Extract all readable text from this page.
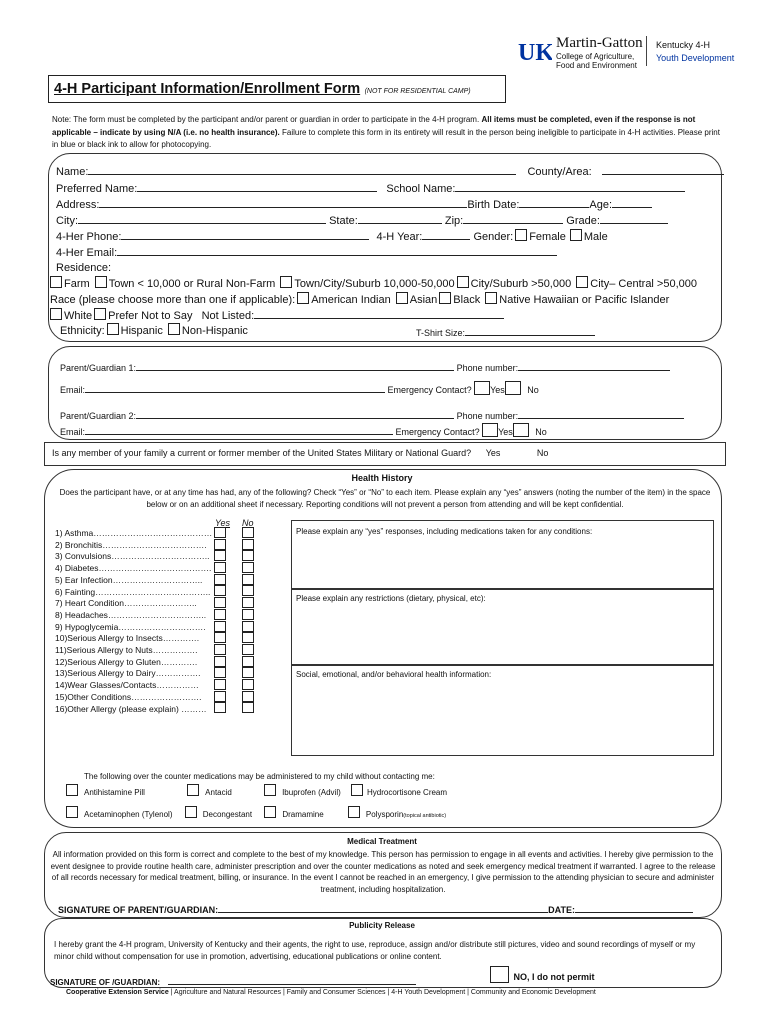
UK Martin-Gatton
College of Agriculture,
Food and Environment
Kentucky 4-H
Youth Development
4-H Participant Information/Enrollment Form (NOT FOR RESIDENTIAL CAMP)
Note: The form must be completed by the participant and/or parent or guardian in order to participate in the 4-H program. All items must be completed, even if the response is not applicable – indicate by using N/A (i.e. no health insurance). Failure to complete this form in its entirety will result in the person being ineligible to participate in 4-H activities. Please print in blue or black ink to allow for photocopying.
Name:	County/Area:
Preferred Name:	School Name:
Address:	Birth Date:	Age:
City:	State:	Zip:	Grade:
4-Her Phone:	4-H Year:	Gender: Female Male
4-Her Email:
Residence:
Farm Town < 10,000 or Rural Non-Farm Town/City/Suburb 10,000-50,000 City/Suburb >50,000 City– Central >50,000
Race (please choose more than one if applicable): American Indian Asian Black Native Hawaiian or Pacific Islander
White Prefer Not to Say Not Listed:
Ethnicity: Hispanic Non-Hispanic	T-Shirt Size:
Parent/Guardian 1:	Phone number:
Email:	Emergency Contact? Yes	No
Parent/Guardian 2:	Phone number:
Email:	Emergency Contact? Yes	No
Is any member of your family a current or former member of the United States Military or National Guard? Yes	No
Health History
Does the participant have, or at any time has had, any of the following? Check “Yes” or “No” to each item. Please explain any “yes” answers (noting the number of the item) in the space below or on an additional sheet if necessary. Reporting conditions will not prevent a person from attending and will be kept confidential.
Yes No
1) Asthma……………………………………
2) Bronchitis……………………………….
3) Convulsions……………………………..
4) Diabetes………………………………….
5) Ear Infection…………………………..
6) Fainting…………………………………..
7) Heart Condition……………………..
8) Headaches……………………………..
9) Hypoglycemia………………………….
10)Serious Allergy to Insects………….
11)Serious Allergy to Nuts…………….
12)Serious Allergy to Gluten………….
13)Serious Allergy to Dairy…………….
14)Wear Glasses/Contacts……………
15)Other Conditions…………………….
16)Other Allergy (please explain) ………
Please explain any “yes” responses, including medications taken for any conditions:
Please explain any restrictions (dietary, physical, etc):
Social, emotional, and/or behavioral health information:
The following over the counter medications may be administered to my child without contacting me:
Antihistamine Pill	Antacid	Ibuprofen (Advil)	Hydrocortisone Cream
Acetaminophen (Tylenol)	Decongestant	Dramamine	Polysporin(topical antibiotic)
Medical Treatment
All information provided on this form is correct and complete to the best of my knowledge. This person has permission to engage in all events and activities. I hereby give permission to the event designee to provide routine health care, administer prescription and over the counter medications as noted and seek emergency medical treatment if warranted. I agree to the release of all records necessary for medical treatment, billing, or insurance. In the event I cannot be reached in an emergency, I give permission to the attending physician to secure and administer treatment, including hospitalization.
SIGNATURE OF PARENT/GUARDIAN:	DATE:
Publicity Release
I hereby grant the 4-H program, University of Kentucky and their agents, the right to use, reproduce, assign and/or distribute still pictures, video and sound recordings of myself or my minor child without compensation for use in promotion, advertising, educational publications or online content.
SIGNATURE OF /GUARDIAN:
NO, I do not permit
Cooperative Extension Service | Agriculture and Natural Resources | Family and Consumer Sciences | 4-H Youth Development | Community and Economic Development
